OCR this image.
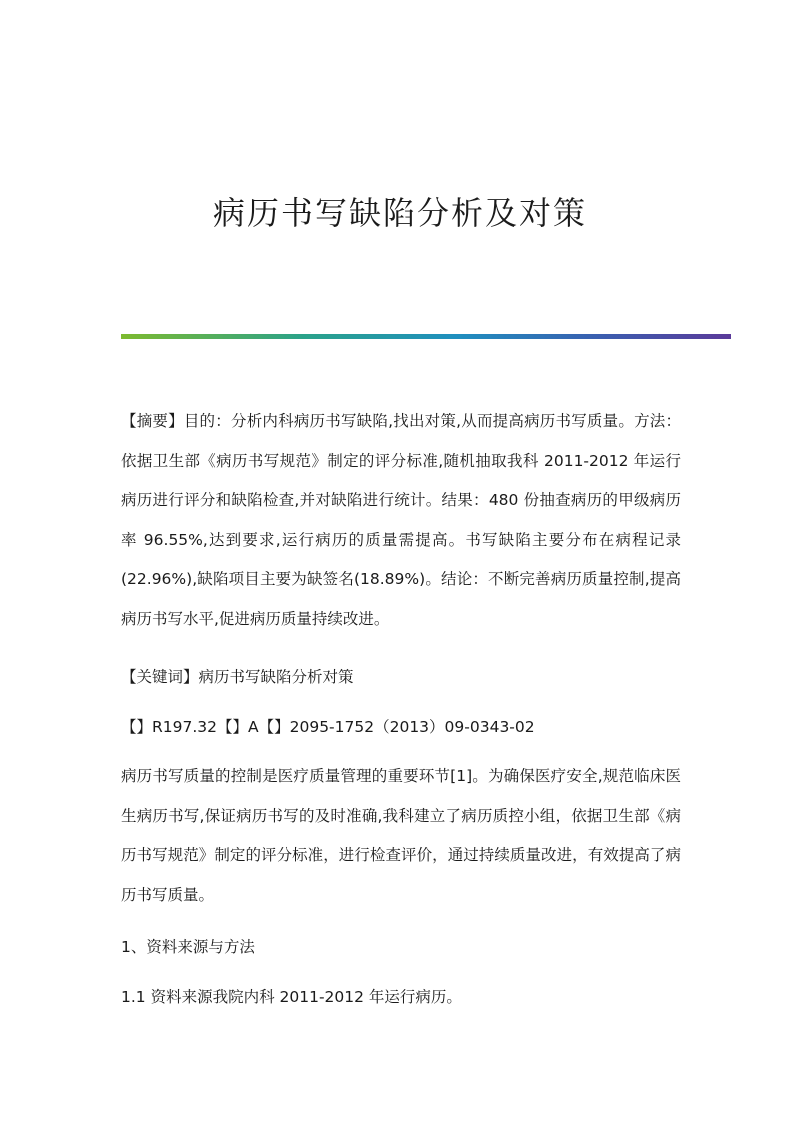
病历书写缺陷分析及对策

【摘要】目的：分析内科病历书写缺陷,找出对策,从而提高病历书写质量。方法：依据卫生部《病历书写规范》制定的评分标准,随机抽取我科 2011-2012 年运行病历进行评分和缺陷检查,并对缺陷进行统计。结果：480 份抽查病历的甲级病历率 96.55%,达到要求,运行病历的质量需提高。书写缺陷主要分布在病程记录(22.96%),缺陷项目主要为缺签名(18.89%)。结论：不断完善病历质量控制,提高病历书写水平,促进病历质量持续改进。

【关键词】病历书写缺陷分析对策
【】R197.32【】A【】2095-1752（2013）09-0343-02

病历书写质量的控制是医疗质量管理的重要环节[1]。为确保医疗安全,规范临床医生病历书写,保证病历书写的及时准确,我科建立了病历质控小组，依据卫生部《病历书写规范》制定的评分标准，进行检查评价，通过持续质量改进，有效提高了病历书写质量。

1、资料来源与方法
1.1 资料来源我院内科 2011-2012 年运行病历。
